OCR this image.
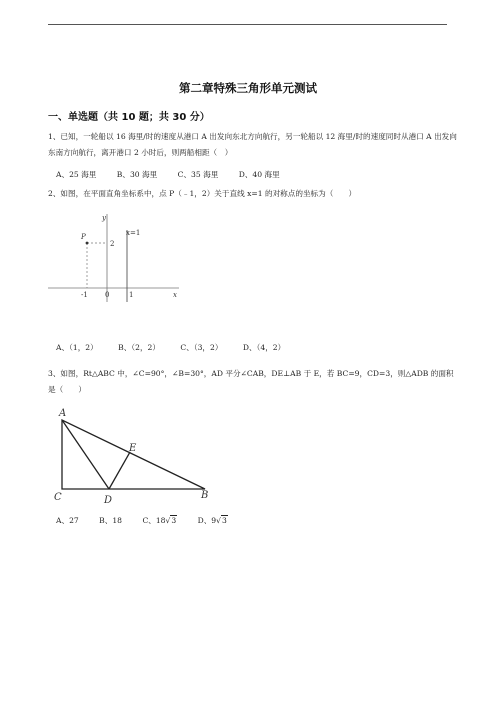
第二章特殊三角形单元测试
一、单选题（共 10 题；共 30 分）
1、已知，一轮船以 16 海里/时的速度从港口 A 出发向东北方向航行，另一轮船以 12 海里/时的速度同时从港口 A 出发向东南方向航行，离开港口 2 小时后，则两船相距（　）
A、25 海里	B、30 海里	C、35 海里	D、40 海里
2、如图，在平面直角坐标系中，点 P（﹣1，2）关于直线 x=1 的对称点的坐标为（　　）
y
x
P	x=1
2
-1 0	1
A、（1，2）	B、（2，2）	C、（3，2）	D、（4，2）
3、如图，Rt△ABC 中，∠C=90°，∠B=30°，AD 平分∠CAB，DE⊥AB 于 E，若 BC=9，CD=3，则△ADB 的面积是（　　）
A
B
C	D
E
A、27	B、18	C、18√3	D、9√3
